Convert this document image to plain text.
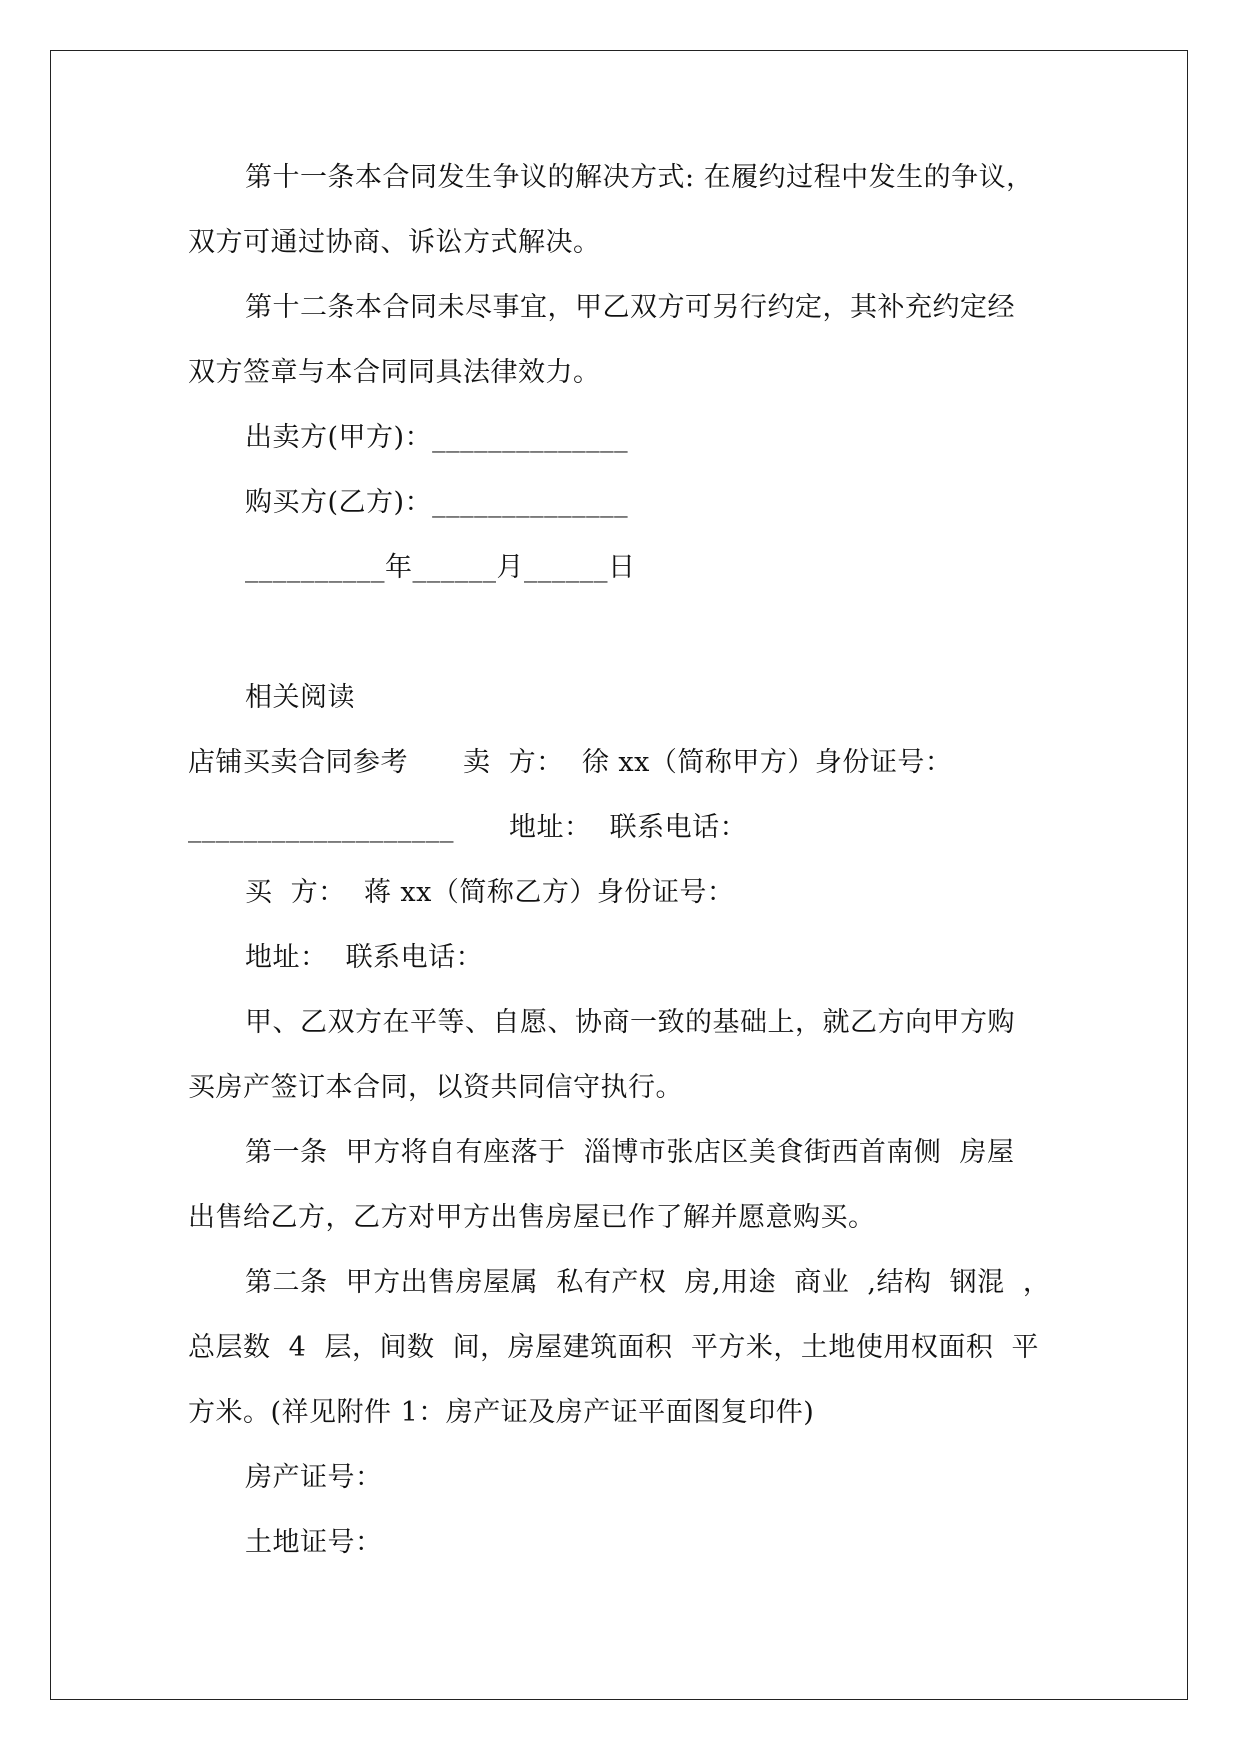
第十一条本合同发生争议的解决方式: 在履约过程中发生的争议，
双方可通过协商、诉讼方式解决。
第十二条本合同未尽事宜，甲乙双方可另行约定，其补充约定经
双方签章与本合同同具法律效力。
出卖方(甲方)：______________
购买方(乙方)：______________
__________年______月______日
相关阅读
店铺买卖合同参考　　卖  方：  徐 xx（简称甲方）身份证号：
___________________　　地址：  联系电话：
买  方：  蒋 xx（简称乙方）身份证号：
地址：  联系电话：
甲、乙双方在平等、自愿、协商一致的基础上，就乙方向甲方购
买房产签订本合同，以资共同信守执行。
第一条  甲方将自有座落于  淄博市张店区美食街西首南侧  房屋
出售给乙方，乙方对甲方出售房屋已作了解并愿意购买。
第二条  甲方出售房屋属  私有产权  房,用途  商业  ,结构  钢混  ，
总层数  4  层，间数  间，房屋建筑面积  平方米，土地使用权面积  平
方米。(祥见附件 1：房产证及房产证平面图复印件)
房产证号：
土地证号：
